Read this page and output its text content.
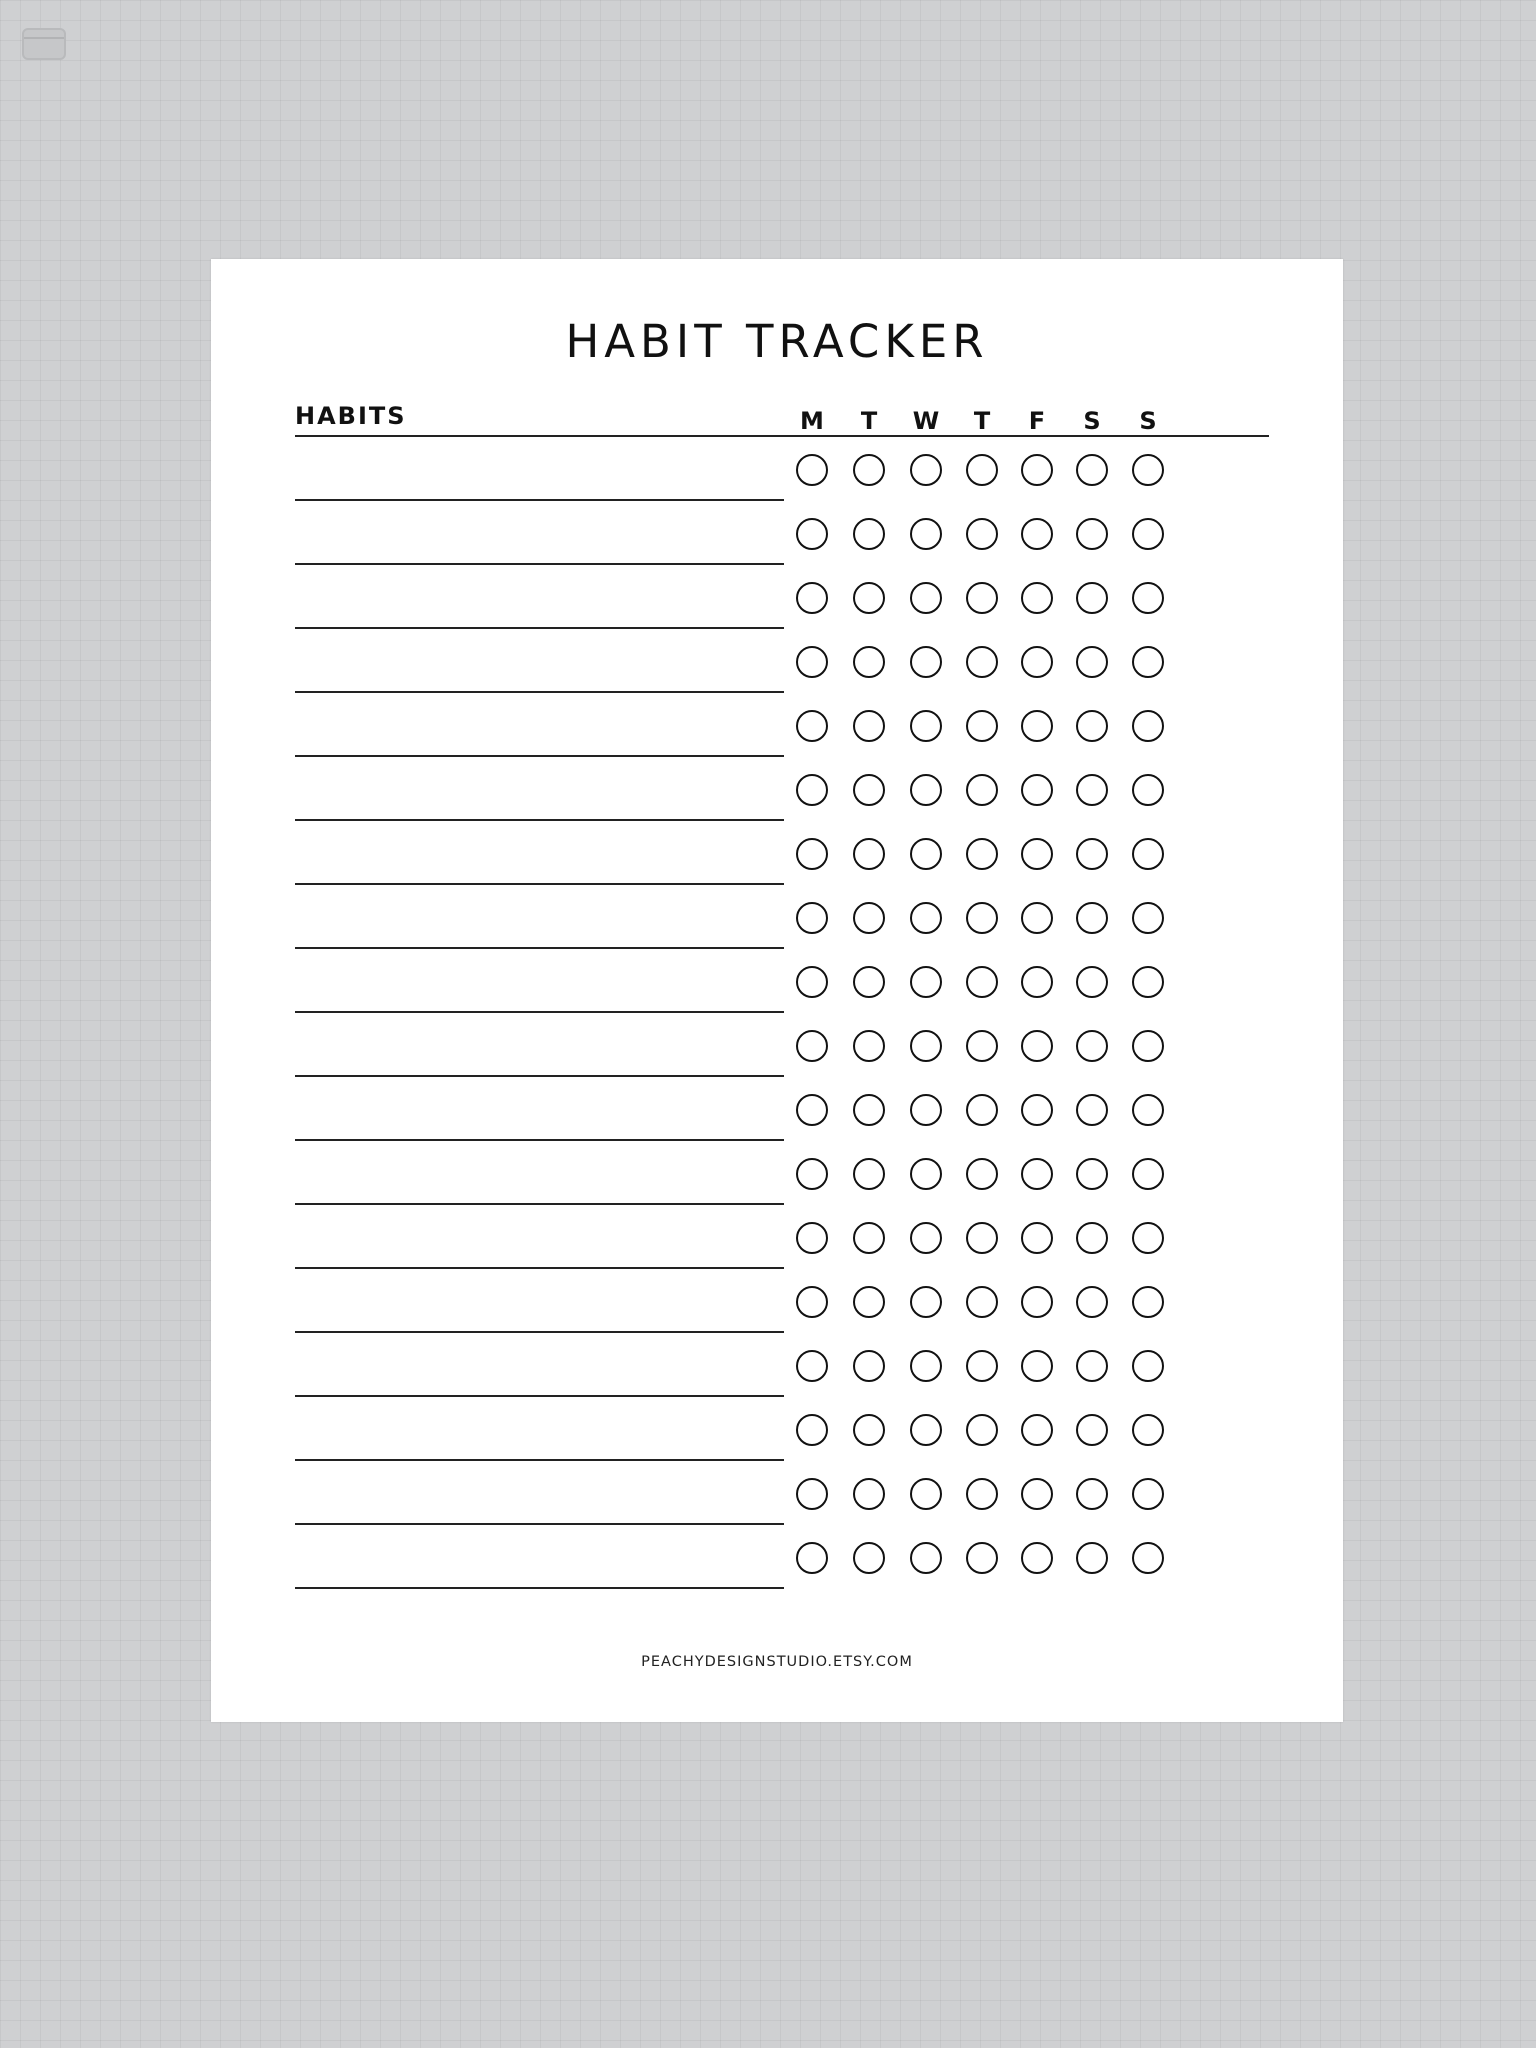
HABIT TRACKER
HABITS	M	T	W	T	F	S	S
PEACHYDESIGNSTUDIO.ETSY.COM
